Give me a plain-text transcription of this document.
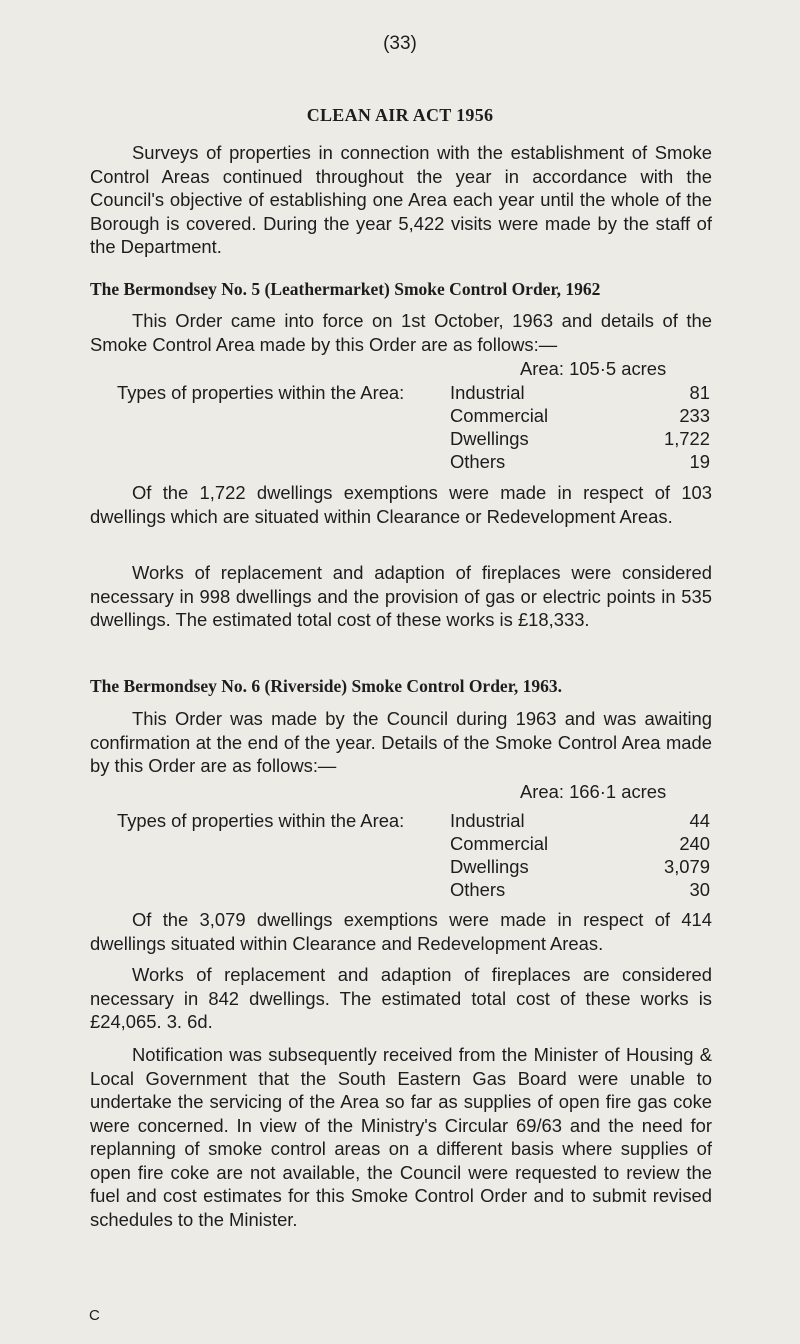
(33)
CLEAN AIR ACT 1956

Surveys of properties in connection with the establishment of Smoke Control Areas continued throughout the year in accordance with the Council's objective of establishing one Area each year until the whole of the Borough is covered. During the year 5,422 visits were made by the staff of the Department.

The Bermondsey No. 5 (Leathermarket) Smoke Control Order, 1962

This Order came into force on 1st October, 1963 and details of the Smoke Control Area made by this Order are as follows:—

Area: 105·5 acres
Types of properties within the Area: Industrial	81
Commercial	233
Dwellings	1,722
Others	19

Of the 1,722 dwellings exemptions were made in respect of 103 dwellings which are situated within Clearance or Redevelopment Areas.

Works of replacement and adaption of fireplaces were considered necessary in 998 dwellings and the provision of gas or electric points in 535 dwellings. The estimated total cost of these works is £18,333.

The Bermondsey No. 6 (Riverside) Smoke Control Order, 1963.

This Order was made by the Council during 1963 and was awaiting confirmation at the end of the year. Details of the Smoke Control Area made by this Order are as follows:—

Area: 166·1 acres
Types of properties within the Area: Industrial	44
Commercial	240
Dwellings	3,079
Others	30

Of the 3,079 dwellings exemptions were made in respect of 414 dwellings situated within Clearance and Redevelopment Areas.

Works of replacement and adaption of fireplaces are considered necessary in 842 dwellings. The estimated total cost of these works is £24,065. 3. 6d.

Notification was subsequently received from the Minister of Housing & Local Government that the South Eastern Gas Board were unable to undertake the servicing of the Area so far as supplies of open fire gas coke were concerned. In view of the Ministry's Circular 69/63 and the need for replanning of smoke control areas on a different basis where supplies of open fire coke are not available, the Council were requested to review the fuel and cost estimates for this Smoke Control Order and to submit revised schedules to the Minister.

C
